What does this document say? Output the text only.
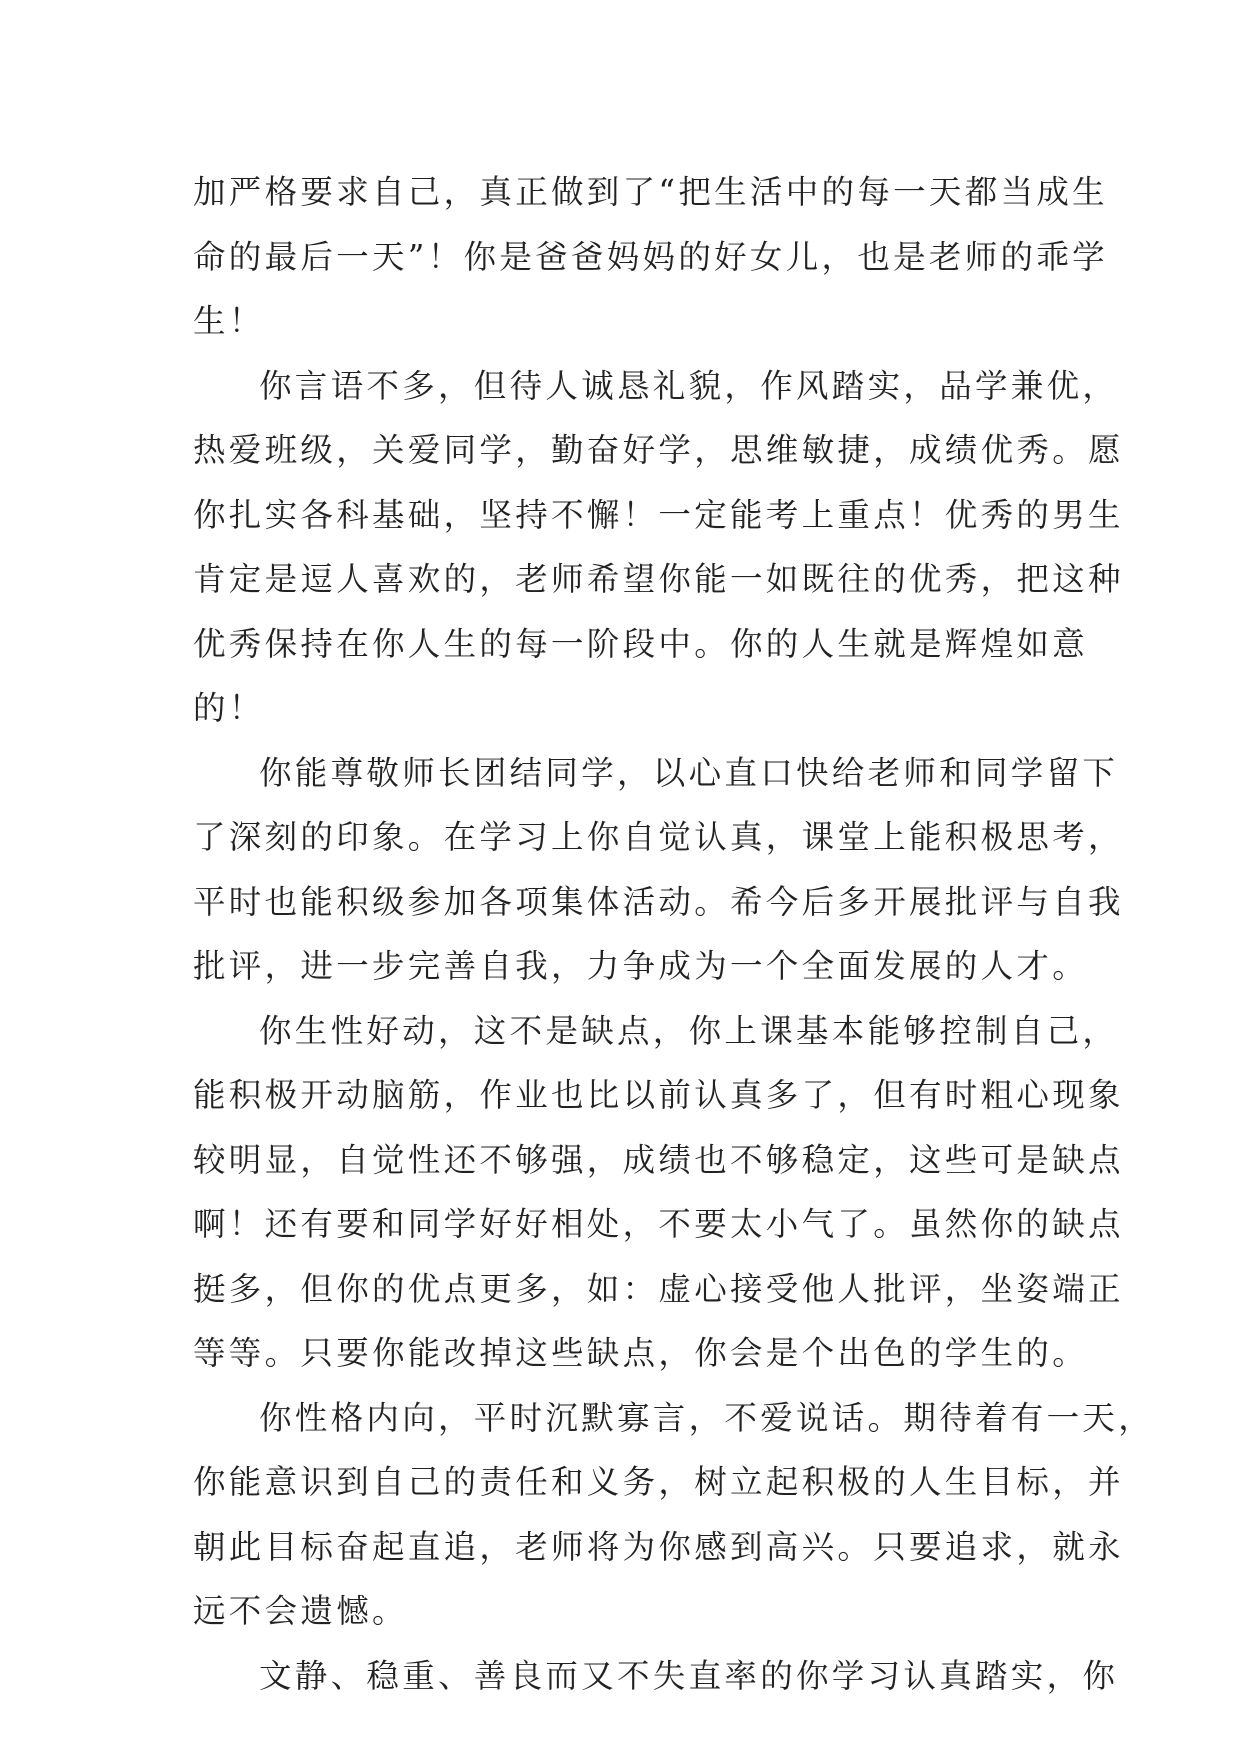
加严格要求自己，真正做到了“把生活中的每一天都当成生
命的最后一天”！你是爸爸妈妈的好女儿，也是老师的乖学
生！
你言语不多，但待人诚恳礼貌，作风踏实，品学兼优，
热爱班级，关爱同学，勤奋好学，思维敏捷，成绩优秀。愿
你扎实各科基础，坚持不懈！一定能考上重点！优秀的男生
肯定是逗人喜欢的，老师希望你能一如既往的优秀，把这种
优秀保持在你人生的每一阶段中。你的人生就是辉煌如意
的！
你能尊敬师长团结同学，以心直口快给老师和同学留下
了深刻的印象。在学习上你自觉认真，课堂上能积极思考，
平时也能积级参加各项集体活动。希今后多开展批评与自我
批评，进一步完善自我，力争成为一个全面发展的人才。
你生性好动，这不是缺点，你上课基本能够控制自己，
能积极开动脑筋，作业也比以前认真多了，但有时粗心现象
较明显，自觉性还不够强，成绩也不够稳定，这些可是缺点
啊！还有要和同学好好相处，不要太小气了。虽然你的缺点
挺多，但你的优点更多，如：虚心接受他人批评，坐姿端正
等等。只要你能改掉这些缺点，你会是个出色的学生的。
你性格内向，平时沉默寡言，不爱说话。期待着有一天，
你能意识到自己的责任和义务，树立起积极的人生目标，并
朝此目标奋起直追，老师将为你感到高兴。只要追求，就永
远不会遗憾。
文静、稳重、善良而又不失直率的你学习认真踏实，你
